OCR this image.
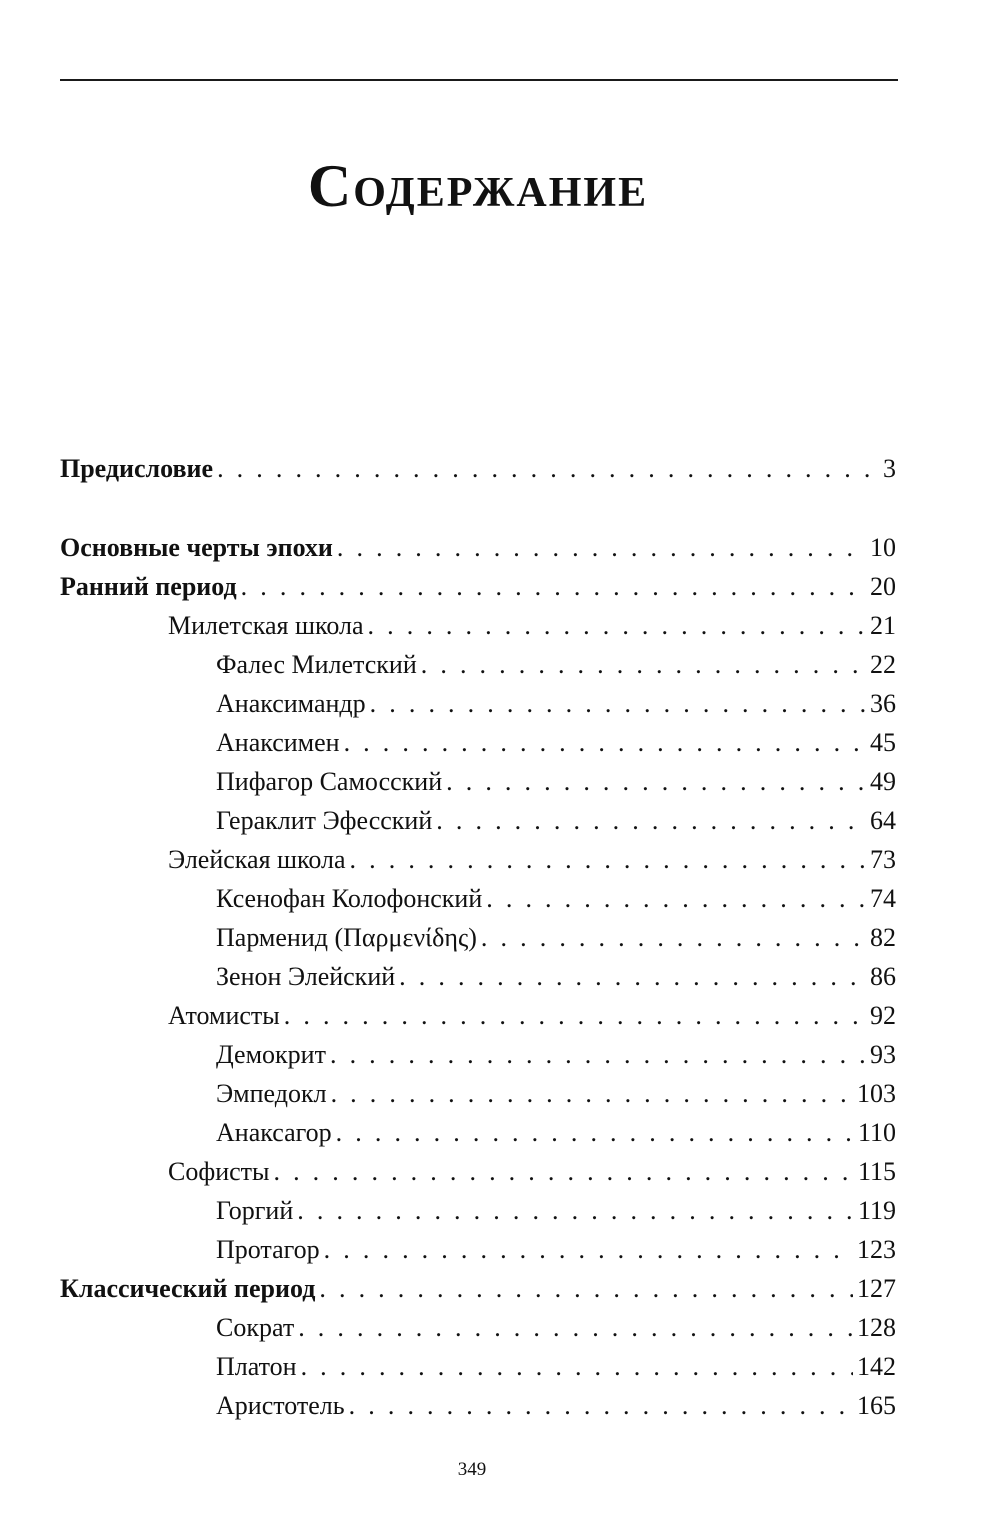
Содержание
Предисловие . . .	3
Основные черты эпохи . . .	10
Ранний период . . .	20
Милетская школа . . .	21
Фалес Милетский . . .	22
Анаксимандр . . .	36
Анаксимен . . .	45
Пифагор Самосский . . .	49
Гераклит Эфесский . . .	64
Элейская школа . . .	73
Ксенофан Колофонский . . .	74
Парменид (Παρμενίδης) . . .	82
Зенон Элейский . . .	86
Атомисты . . .	92
Демокрит . . .	93
Эмпедокл . . .	103
Анаксагор . . .	110
Софисты . . .	115
Горгий . . .	119
Протагор . . .	123
Классический период . . .	127
Сократ . . .	128
Платон . . .	142
Аристотель . . .	165
349
